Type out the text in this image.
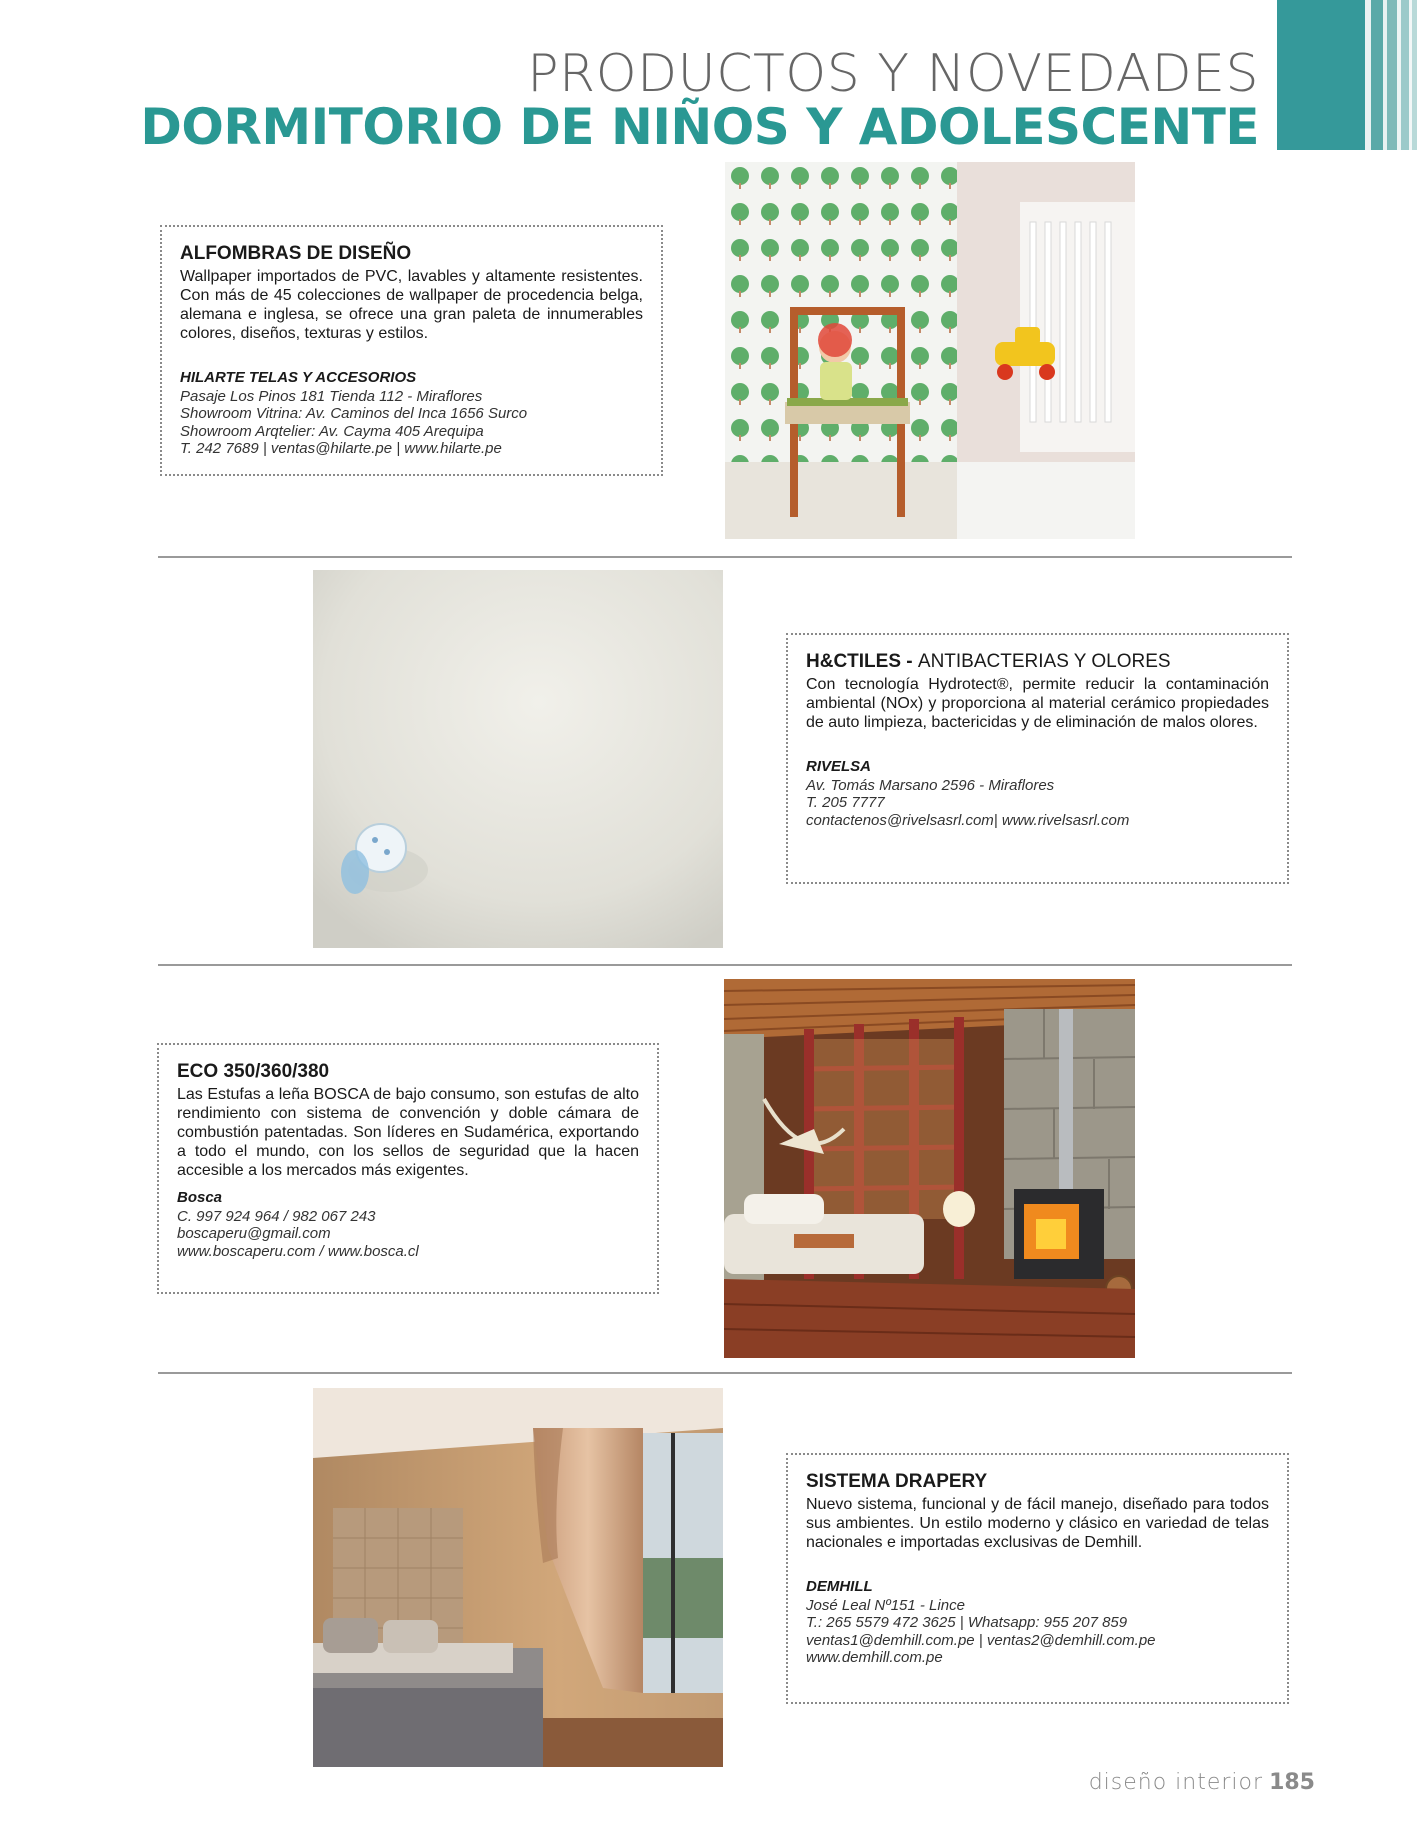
PRODUCTOS Y NOVEDADES
DORMITORIO DE NIÑOS Y ADOLESCENTE
ALFOMBRAS DE DISEÑO

Wallpaper importados de PVC, lavables y altamente resistentes. Con más de 45 colecciones de wallpaper de procedencia belga, alemana e inglesa, se ofrece una gran paleta de innumerables colores, diseños, texturas y estilos.

HILARTE TELAS Y ACCESORIOS
Pasaje Los Pinos 181 Tienda 112 - Miraflores
Showroom Vitrina: Av. Caminos del Inca 1656 Surco
Showroom Arqtelier: Av. Cayma 405 Arequipa
T. 242 7689 | ventas@hilarte.pe | www.hilarte.pe
H&CTILES - ANTIBACTERIAS Y OLORES

Con tecnología Hydrotect®, permite reducir la contaminación ambiental (NOx) y proporciona al material cerámico propiedades de auto limpieza, bactericidas y de eliminación de malos olores.

RIVELSA
Av. Tomás Marsano 2596 - Miraflores
T. 205 7777
contactenos@rivelsasrl.com| www.rivelsasrl.com
ECO 350/360/380

Las Estufas a leña BOSCA de bajo consumo, son estufas de alto rendimiento con sistema de convención y doble cámara de combustión patentadas. Son líderes en Sudamérica, exportando a todo el mundo, con los sellos de seguridad que la hacen accesible a los mercados más exigentes.

Bosca
C. 997 924 964 / 982 067 243
boscaperu@gmail.com
www.boscaperu.com / www.bosca.cl
SISTEMA DRAPERY

Nuevo sistema, funcional y de fácil manejo, diseñado para todos sus ambientes. Un estilo moderno y clásico en variedad de telas nacionales e importadas exclusivas de Demhill.

DEMHILL
José Leal Nº151 - Lince
T.: 265 5579 472 3625 | Whatsapp: 955 207 859
ventas1@demhill.com.pe | ventas2@demhill.com.pe
www.demhill.com.pe
diseño interior 185
